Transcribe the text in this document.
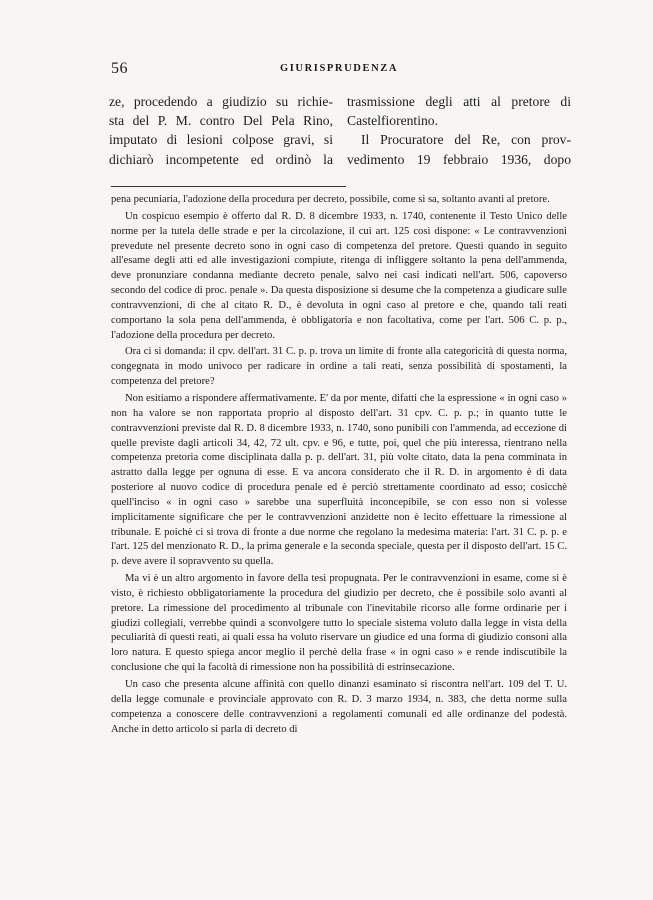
56	GIURISPRUDENZA
ze, procedendo a giudizio su richie-
sta del P. M. contro Del Pela Rino,
imputato di lesioni colpose gravi, si
dichiarò incompetente ed ordinò la
trasmissione degli atti al pretore di
Castelfiorentino.
Il Procuratore del Re, con prov-
vedimento 19 febbraio 1936, dopo

pena pecuniaria, l'adozione della procedura per decreto, possibile, come si sa, soltanto avanti al pretore.

Un cospicuo esempio è offerto dal R. D. 8 dicembre 1933, n. 1740, contenente il Testo Unico delle norme per la tutela delle strade e per la circolazione, il cui art. 125 così dispone: « Le contravvenzioni prevedute nel presente decreto sono in ogni caso di competenza del pretore. Questi quando in seguito all'esame degli atti ed alle investigazioni compiute, ritenga di infliggere soltanto la pena dell'ammenda, deve pronunziare condanna mediante decreto penale, salvo nei casi indicati nell'art. 506, capoverso secondo del codice di proc. penale ». Da questa disposizione si desume che la competenza a giudicare sulle contravvenzioni, di che al citato R. D., è devoluta in ogni caso al pretore e che, quando tali reati comportano la sola pena dell'ammenda, è obbligatoria e non facoltativa, come per l'art. 506 C. p. p., l'adozione della procedura per decreto.

Ora ci si domanda: il cpv. dell'art. 31 C. p. p. trova un limite di fronte alla categoricità di questa norma, congegnata in modo univoco per radicare in ordine a tali reati, senza possibilità di spostamenti, la competenza del pretore?

Non esitiamo a rispondere affermativamente. E' da por mente, difatti che la espressione « in ogni caso » non ha valore se non rapportata proprio al disposto dell'art. 31 cpv. C. p. p.; in quanto tutte le contravvenzioni previste dal R. D. 8 dicembre 1933, n. 1740, sono punibili con l'ammenda, ad eccezione di quelle previste dagli articoli 34, 42, 72 ult. cpv. e 96, e tutte, poi, quel che più interessa, rientrano nella competenza pretoria come disciplinata dalla p. p. dell'art. 31, più volte citato, data la pena comminata in astratto dalla legge per ognuna di esse. E va ancora considerato che il R. D. in argomento è di data posteriore al nuovo codice di procedura penale ed è perciò strettamente coordinato ad esso; cosicchè quell'inciso « in ogni caso » sarebbe una superfluità inconcepibile, se con esso non si volesse implicitamente significare che per le contravvenzioni anzidette non è lecito effettuare la rimessione al tribunale. E poichè ci si trova di fronte a due norme che regolano la medesima materia: l'art. 31 C. p. p. e l'art. 125 del menzionato R. D., la prima generale e la seconda speciale, questa per il disposto dell'art. 15 C. p. deve avere il sopravvento su quella.

Ma vi è un altro argomento in favore della tesi propugnata. Per le contravvenzioni in esame, come si è visto, è richiesto obbligatoriamente la procedura del giudizio per decreto, che è possibile solo avanti al pretore. La rimessione del procedimento al tribunale con l'inevitabile ricorso alle forme ordinarie per i giudizi collegiali, verrebbe quindi a sconvolgere tutto lo speciale sistema voluto dalla legge in vista della peculiarità di questi reati, ai quali essa ha voluto riservare un giudice ed una forma di giudizio consoni alla loro natura. E questo spiega ancor meglio il perchè della frase « in ogni caso » e rende indiscutibile la conclusione che qui la facoltà di rimessione non ha possibilità di estrinsecazione.

Un caso che presenta alcune affinità con quello dinanzi esaminato si riscontra nell'art. 109 del T. U. della legge comunale e provinciale approvato con R. D. 3 marzo 1934, n. 383, che detta norme sulla competenza a conoscere delle contravvenzioni a regolamenti comunali ed alle ordinanze del podestà. Anche in detto articolo si parla di decreto di
